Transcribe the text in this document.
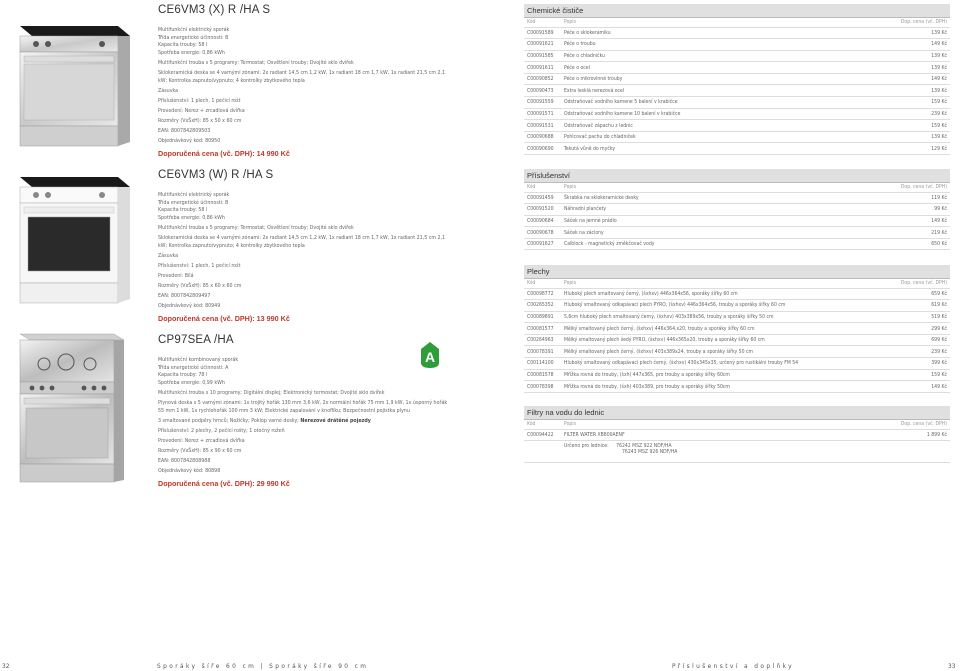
CE6VM3 (X) R /HA S
Multifunkční elektrický sporák
Třída energetické účinnosti: B
Kapacita trouby: 58 l
Spotřeba energie: 0,86 kWh
Multifunkční trouba s 5 programy; Termostat; Osvětlení trouby; Dvojité sklo dvířek
Sklokeramická deska se 4 varnými zónami: 2x radiant 14,5 cm 1,2 kW, 1x radiant 18 cm 1,7 kW, 1x radiant 21,5 cm 2,1 kW; Kontrolka zapnuto/vypnuto; 4 kontrolky zbytkového tepla
Zásuvka
Příslušenství: 1 plech, 1 pečicí rošt
Provedení: Nerez + zrcadlová dvířka
Rozměry (VxŠxH): 85 x 50 x 60 cm
EAN: 8007842809503
Objednávkový kód: 80950
Doporučená cena (vč. DPH): 14 990 Kč
CE6VM3 (W) R /HA S
Multifunkční elektrický sporák
Třída energetické účinnosti: B
Kapacita trouby: 58 l
Spotřeba energie: 0,86 kWh
Multifunkční trouba s 5 programy; Termostat; Osvětlení trouby; Dvojité sklo dvířek
Sklokeramická deska se 4 varnými zónami: 2x radiant 14,5 cm 1,2 kW, 1x radiant 18 cm 1,7 kW, 1x radiant 21,5 cm 2,1 kW; Kontrolka zapnuto/vypnuto; 4 kontrolky zbytkového tepla
Zásuvka
Příslušenství: 1 plech, 1 pečicí rošt
Provedení: Bílá
Rozměry (VxŠxH): 85 x 60 x 60 cm
EAN: 8007842809497
Objednávkový kód: 80949
Doporučená cena (vč. DPH): 13 990 Kč
CP97SEA /HA
Multifunkční kombinovaný sporák
Třída energetické účinnosti: A
Kapacita trouby: 78 l
Spotřeba energie: 0,99 kWh
Multifunkční trouba s 10 programy; Digitální displej; Elektronický termostat; Dvojité sklo dvířek
Plynová deska s 5 varnými zónami: 1x trojitý hořák 130 mm 3,6 kW, 2x normální hořák 75 mm 1,9 kW, 1x úsporný hořák 55 mm 1 kW, 1x rychlohořák 100 mm 3 kW; Elektrické zapalování v knoflíku; Bezpečnostní pojistka plynu
3 smaltované podpěry hrnců; Nožičky; Poklop varné desky; Nerezové drátěné pojezdy
Příslušenství: 2 plechy, 2 pečicí rošty; 1 otočný rožeň
Provedení: Nerez + zrcadlová dvířka
Rozměry (VxŠxH): 85 x 90 x 60 cm
EAN: 8007842808988
Objednávkový kód: 80898
Doporučená cena (vč. DPH): 29 990 Kč
A
Chemické čističe
Kód	Popis	Dop. cena (vč. DPH)
C00091589	Péče o sklokeramiku	139 Kč
C00091621	Péče o troubu	149 Kč
C00091585	Péče o chladničku	139 Kč
C00091611	Péče o ocel	139 Kč
C00090852	Péče o mikrovlnné trouby	149 Kč
C00090473	Extra lesklá nerezová ocel	139 Kč
C00091559	Odstraňovač vodního kamene 5 balení v krabičce	159 Kč
C00091571	Odstraňovač vodního kamene 10 balení v krabičce	239 Kč
C00091531	Odstraňovač zápachu z lednic	159 Kč
C00090688	Pohlcovač pachu do chladniček	139 Kč
C00090690	Tekutá vůně do myčky	129 Kč
Příslušenství
Kód	Popis	Dop. cena (vč. DPH)
C00091459	Škrabka na sklokeramické desky	119 Kč
C00091520	Náhradní plančety	99 Kč
C00090684	Sáček na jemné prádlo	149 Kč
C00090678	Sáček na záclony	219 Kč
C00091627	Calblock - magnetický změkčovač vody	650 Kč
Plechy
Kód	Popis	Dop. cena (vč. DPH)
C00098772	Hluboký plech smaltovaný černý, (šxhxv) 446x364x56, sporáky šířky 60 cm	659 Kč
C00265352	Hluboký smaltovaný odkapávací plech PYRO, (šxhxv) 446x364x56, trouby a sporáky šířky 60 cm	619 Kč
C00089891	5,6cm hluboký plech smaltovaný černý, (šxhxv) 403x389x56, trouby a sporáky šířky 50 cm	519 Kč
C00081577	Mělký smaltovaný plech černý, (šxhxv) 446x364,x20, trouby a sporáky šířky 60 cm	299 Kč
C00264963	Mělký smaltovaný plech šedý PYRO, (šxhxv) 446x365x20, trouby a sporáky šířky 60 cm	699 Kč
C00078391	Mělký smaltovaný plech černý, (šxhxv) 403x389x24, trouby a sporáky šířky 50 cm	239 Kč
C00114100	Hluboký smaltovaný odkapávací plech černý, (šxhxv) 430x345x35, určený pro rustikální trouby FM 54	399 Kč
C00081578	Mřížka rovná do trouby, (šxh) 447x365, pro trouby a sporáky šířky 60cm	159 Kč
C00078398	Mřížka rovná do trouby, (šxh) 403x389, pro trouby a sporáky šířky 50cm	149 Kč
Filtry na vodu do lednic
Kód	Popis	Dop. cena (vč. DPH)
C00094422	FILTER WATER XB800AENF	1 899 Kč
	Určeno pro lednice: 76242 MSZ 922 NDF/HA
76243 MSZ 926 NDF/HA	
32	Sporáky šíře 60 cm | Sporáky šíře 90 cm	Příslušenství a doplňky	33
